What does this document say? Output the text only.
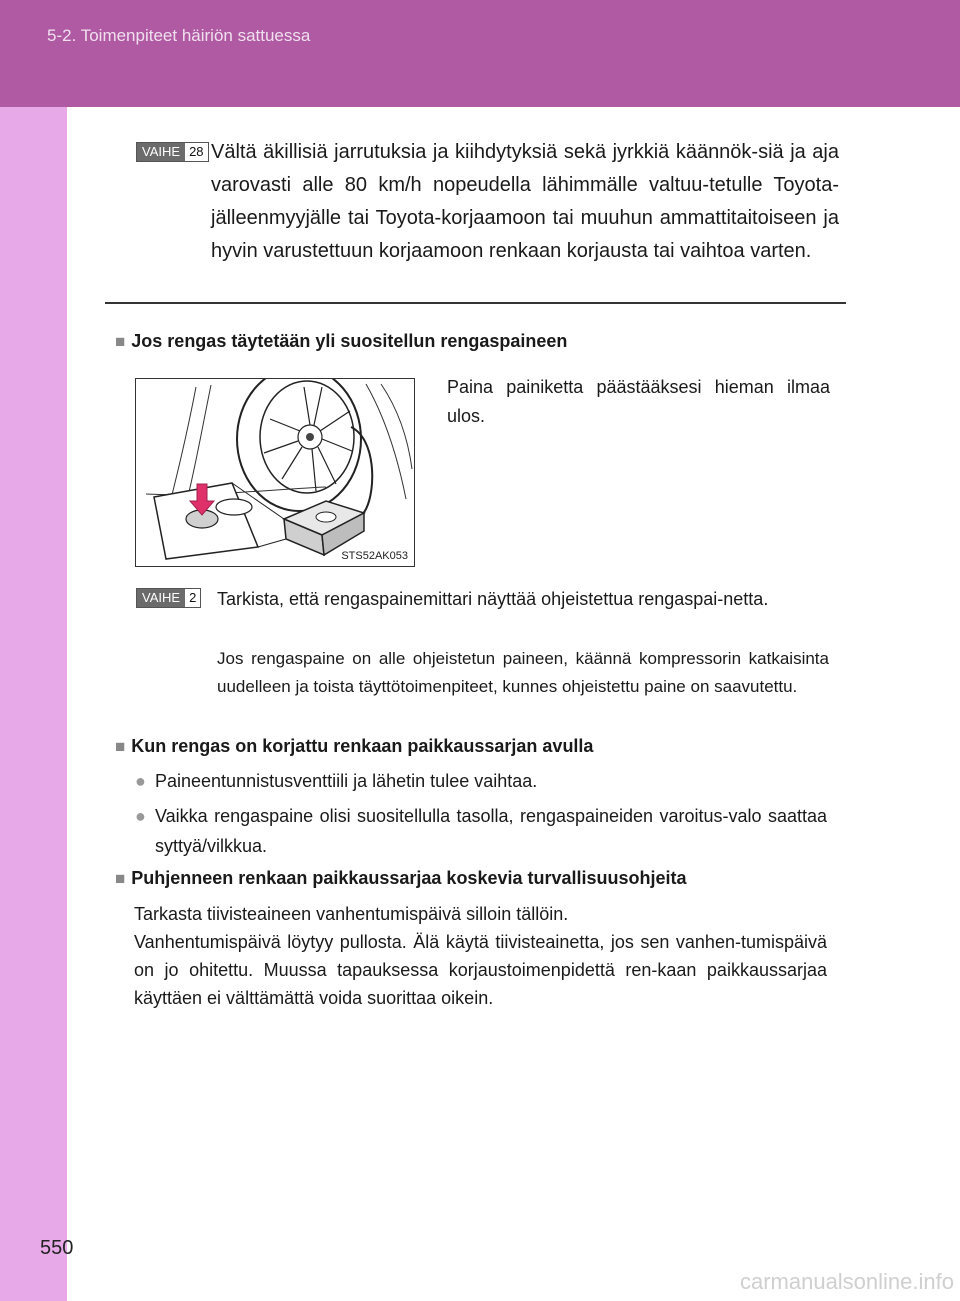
5-2. Toimenpiteet häiriön sattuessa
VAIHE 28 Vältä äkillisiä jarrutuksia ja kiihdytyksiä sekä jyrkkiä käännök-siä ja aja varovasti alle 80 km/h nopeudella lähimmälle valtuu-tetulle Toyota-jälleenmyyjälle tai Toyota-korjaamoon tai muuhun ammattitaitoiseen ja hyvin varustettuun korjaamoon renkaan korjausta tai vaihtoa varten.
■ Jos rengas täytetään yli suositellun rengaspaineen
STS52AK053
Paina painiketta päästääksesi hieman ilmaa ulos.
VAIHE 2 Tarkista, että rengaspainemittari näyttää ohjeistettua rengaspai-netta.
Jos rengaspaine on alle ohjeistetun paineen, käännä kompressorin katkaisinta uudelleen ja toista täyttötoimenpiteet, kunnes ohjeistettu paine on saavutettu.
■ Kun rengas on korjattu renkaan paikkaussarjan avulla
● Paineentunnistusventtiili ja lähetin tulee vaihtaa.
● Vaikka rengaspaine olisi suositellulla tasolla, rengaspaineiden varoitus-valo saattaa syttyä/vilkkua.
■ Puhjenneen renkaan paikkaussarjaa koskevia turvallisuusohjeita
Tarkasta tiivisteaineen vanhentumispäivä silloin tällöin.
Vanhentumispäivä löytyy pullosta. Älä käytä tiivisteainetta, jos sen vanhen-tumispäivä on jo ohitettu. Muussa tapauksessa korjaustoimenpidettä ren-kaan paikkaussarjaa käyttäen ei välttämättä voida suorittaa oikein.
550
carmanualsonline.info
